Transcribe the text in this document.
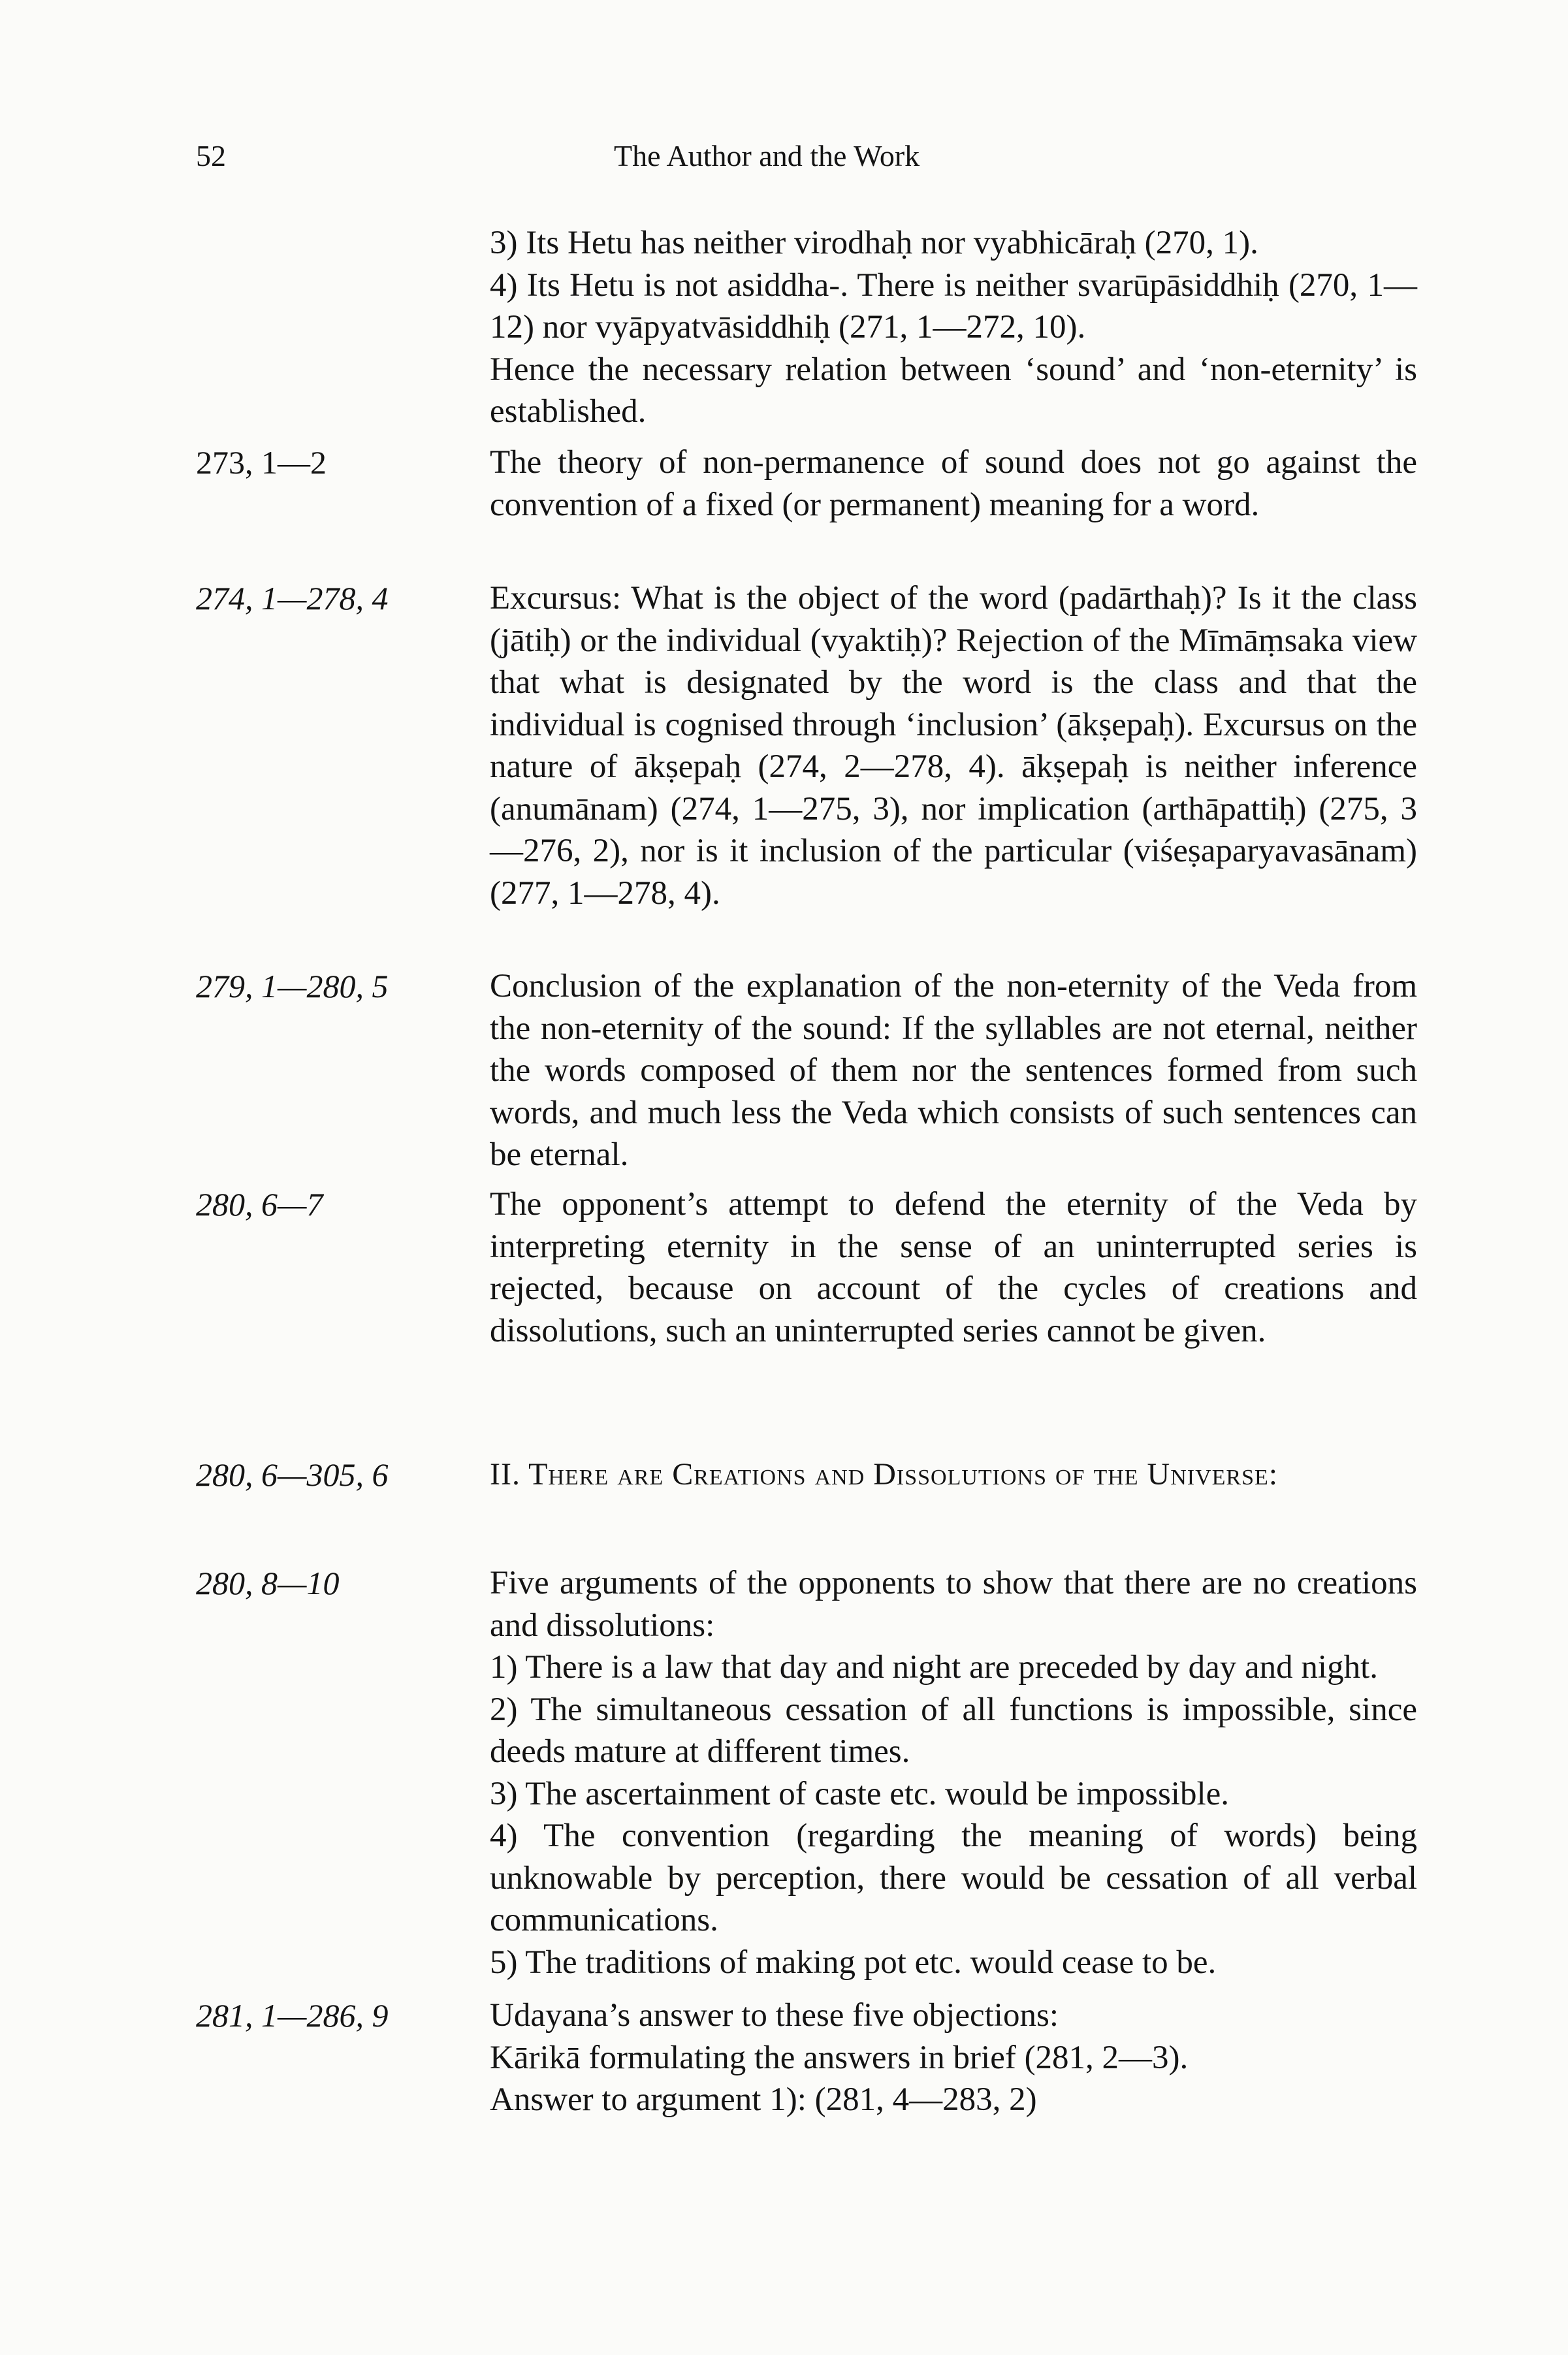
52	The Author and the Work
3) Its Hetu has neither virodhaḥ nor vyabhicāraḥ (270, 1).
4) Its Hetu is not asiddha-. There is neither svarūpāsiddhiḥ (270, 1—12) nor vyāpyatvāsiddhiḥ (271, 1—272, 10).
Hence the necessary relation between ‘sound’ and ‘non-eternity’ is established.
273, 1—2	The theory of non-permanence of sound does not go against the convention of a fixed (or permanent) meaning for a word.
274, 1—278, 4	Excursus: What is the object of the word (padārthaḥ)? Is it the class (jātiḥ) or the individual (vyaktiḥ)? Rejection of the Mīmāṃsaka view that what is designated by the word is the class and that the individual is cognised through ‘inclusion’ (ākṣepaḥ). Excursus on the nature of ākṣepaḥ (274, 2—278, 4). ākṣepaḥ is neither inference (anumānam) (274, 1—275, 3), nor implication (arthāpattiḥ) (275, 3—276, 2), nor is it inclusion of the particular (viśeṣaparyavasānam) (277, 1—278, 4).
279, 1—280, 5	Conclusion of the explanation of the non-eternity of the Veda from the non-eternity of the sound: If the syllables are not eternal, neither the words composed of them nor the sentences formed from such words, and much less the Veda which consists of such sentences can be eternal.
280, 6—7	The opponent’s attempt to defend the eternity of the Veda by interpreting eternity in the sense of an uninterrupted series is rejected, because on account of the cycles of creations and dissolutions, such an uninterrupted series cannot be given.
280, 6—305, 6	II. There are Creations and Dissolutions of the Universe:
280, 8—10	Five arguments of the opponents to show that there are no creations and dissolutions:
1) There is a law that day and night are preceded by day and night.
2) The simultaneous cessation of all functions is impossible, since deeds mature at different times.
3) The ascertainment of caste etc. would be impossible.
4) The convention (regarding the meaning of words) being unknowable by perception, there would be cessation of all verbal communications.
5) The traditions of making pot etc. would cease to be.
281, 1—286, 9	Udayana’s answer to these five objections:
Kārikā formulating the answers in brief (281, 2—3).
Answer to argument 1): (281, 4—283, 2)
